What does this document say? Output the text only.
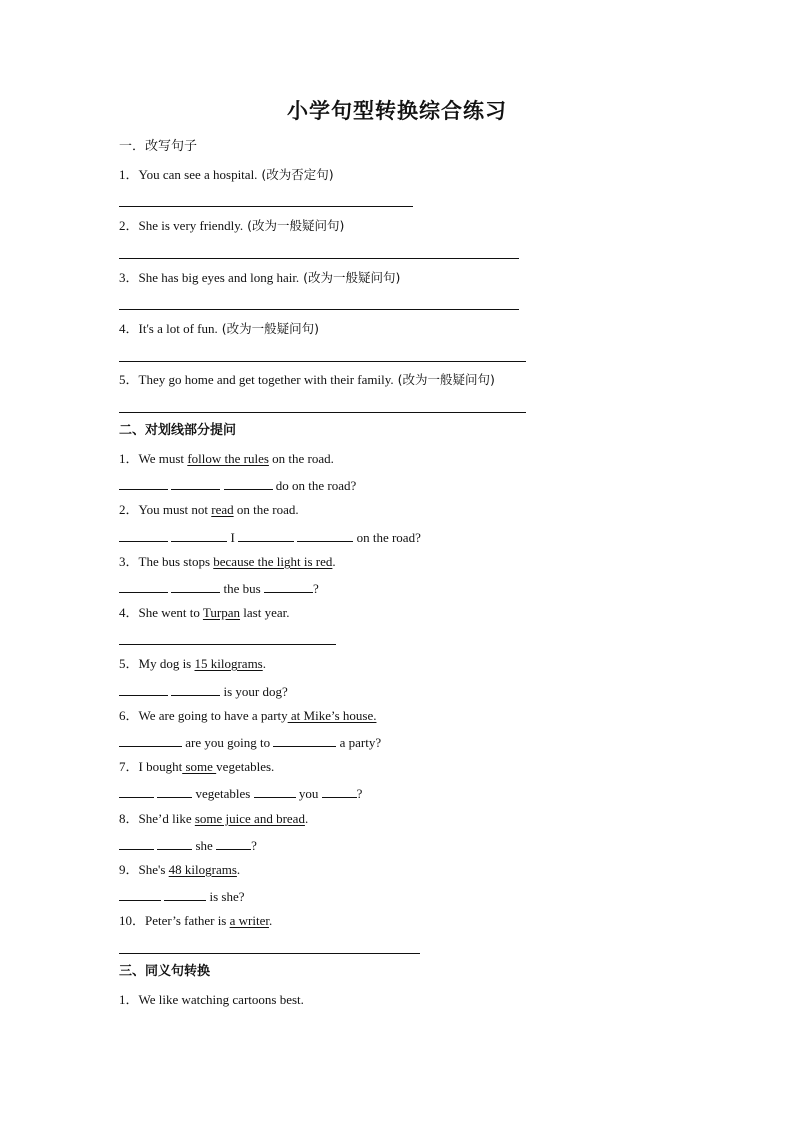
小学句型转换综合练习
一．改写句子
1．You can see a hospital. (改为否定句)
2．She is very friendly. (改为一般疑问句)
3．She has big eyes and long hair. (改为一般疑问句)
4．It's a lot of fun. (改为一般疑问句)
5．They go home and get together with their family. (改为一般疑问句)
二、对划线部分提问
1．We must follow the rules on the road.
do on the road?
2．You must not read on the road.
I	on the road?
3．The bus stops because the light is red.
the bus	?
4．She went to Turpan last year.
5．My dog is 15 kilograms.
is your dog?
6．We are going to have a party at Mike’s house.
are you going to	a party?
7．I bought some vegetables.
vegetables	you	?
8．She’d like some juice and bread.
she	?
9．She's 48 kilograms.
is she?
10．Peter’s father is a writer.
三、同义句转换
1．We like watching cartoons best.
